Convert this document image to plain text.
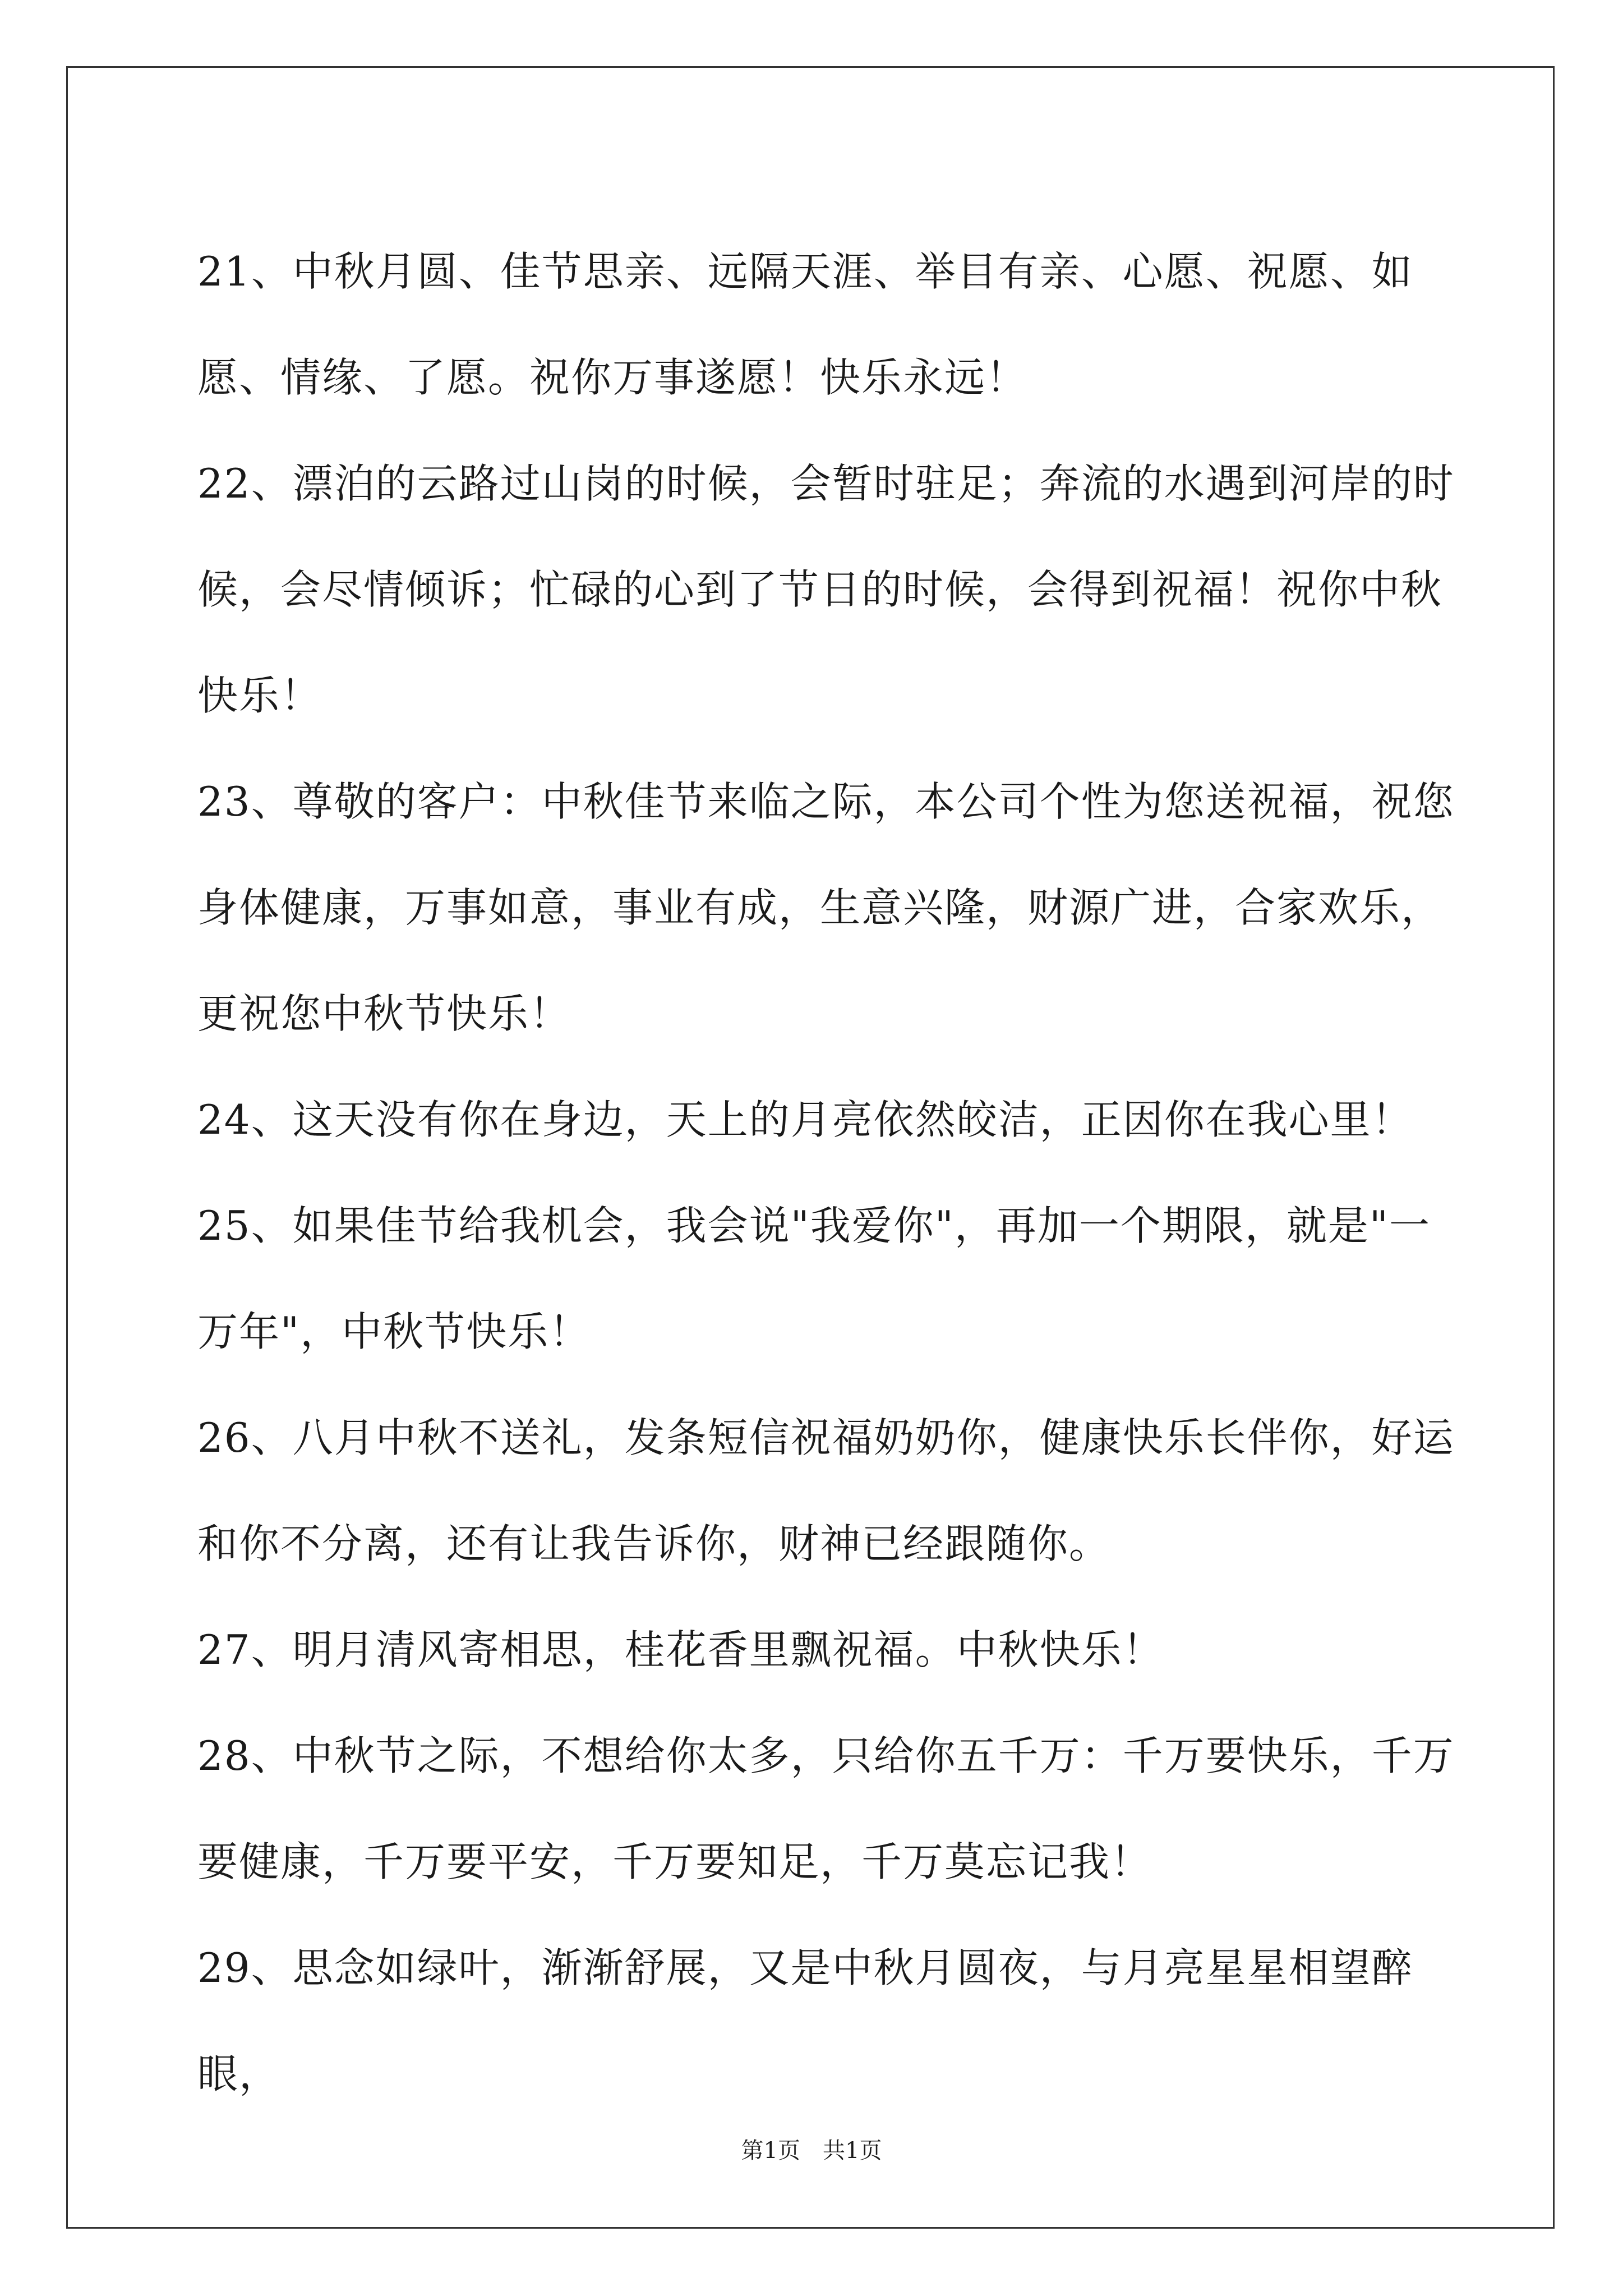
21、中秋月圆、佳节思亲、远隔天涯、举目有亲、心愿、祝愿、如愿、情缘、了愿。祝你万事遂愿！快乐永远！

22、漂泊的云路过山岗的时候，会暂时驻足；奔流的水遇到河岸的时候，会尽情倾诉；忙碌的心到了节日的时候，会得到祝福！祝你中秋快乐！

23、尊敬的客户：中秋佳节来临之际，本公司个性为您送祝福，祝您身体健康，万事如意，事业有成，生意兴隆，财源广进，合家欢乐，更祝您中秋节快乐！

24、这天没有你在身边，天上的月亮依然皎洁，正因你在我心里！

25、如果佳节给我机会，我会说"我爱你"，再加一个期限，就是"一万年"，中秋节快乐！

26、八月中秋不送礼，发条短信祝福奶奶你，健康快乐长伴你，好运和你不分离，还有让我告诉你，财神已经跟随你。

27、明月清风寄相思，桂花香里飘祝福。中秋快乐！

28、中秋节之际，不想给你太多，只给你五千万：千万要快乐，千万要健康，千万要平安，千万要知足，千万莫忘记我！

29、思念如绿叶，渐渐舒展，又是中秋月圆夜，与月亮星星相望醉眼，

第1页　共1页
